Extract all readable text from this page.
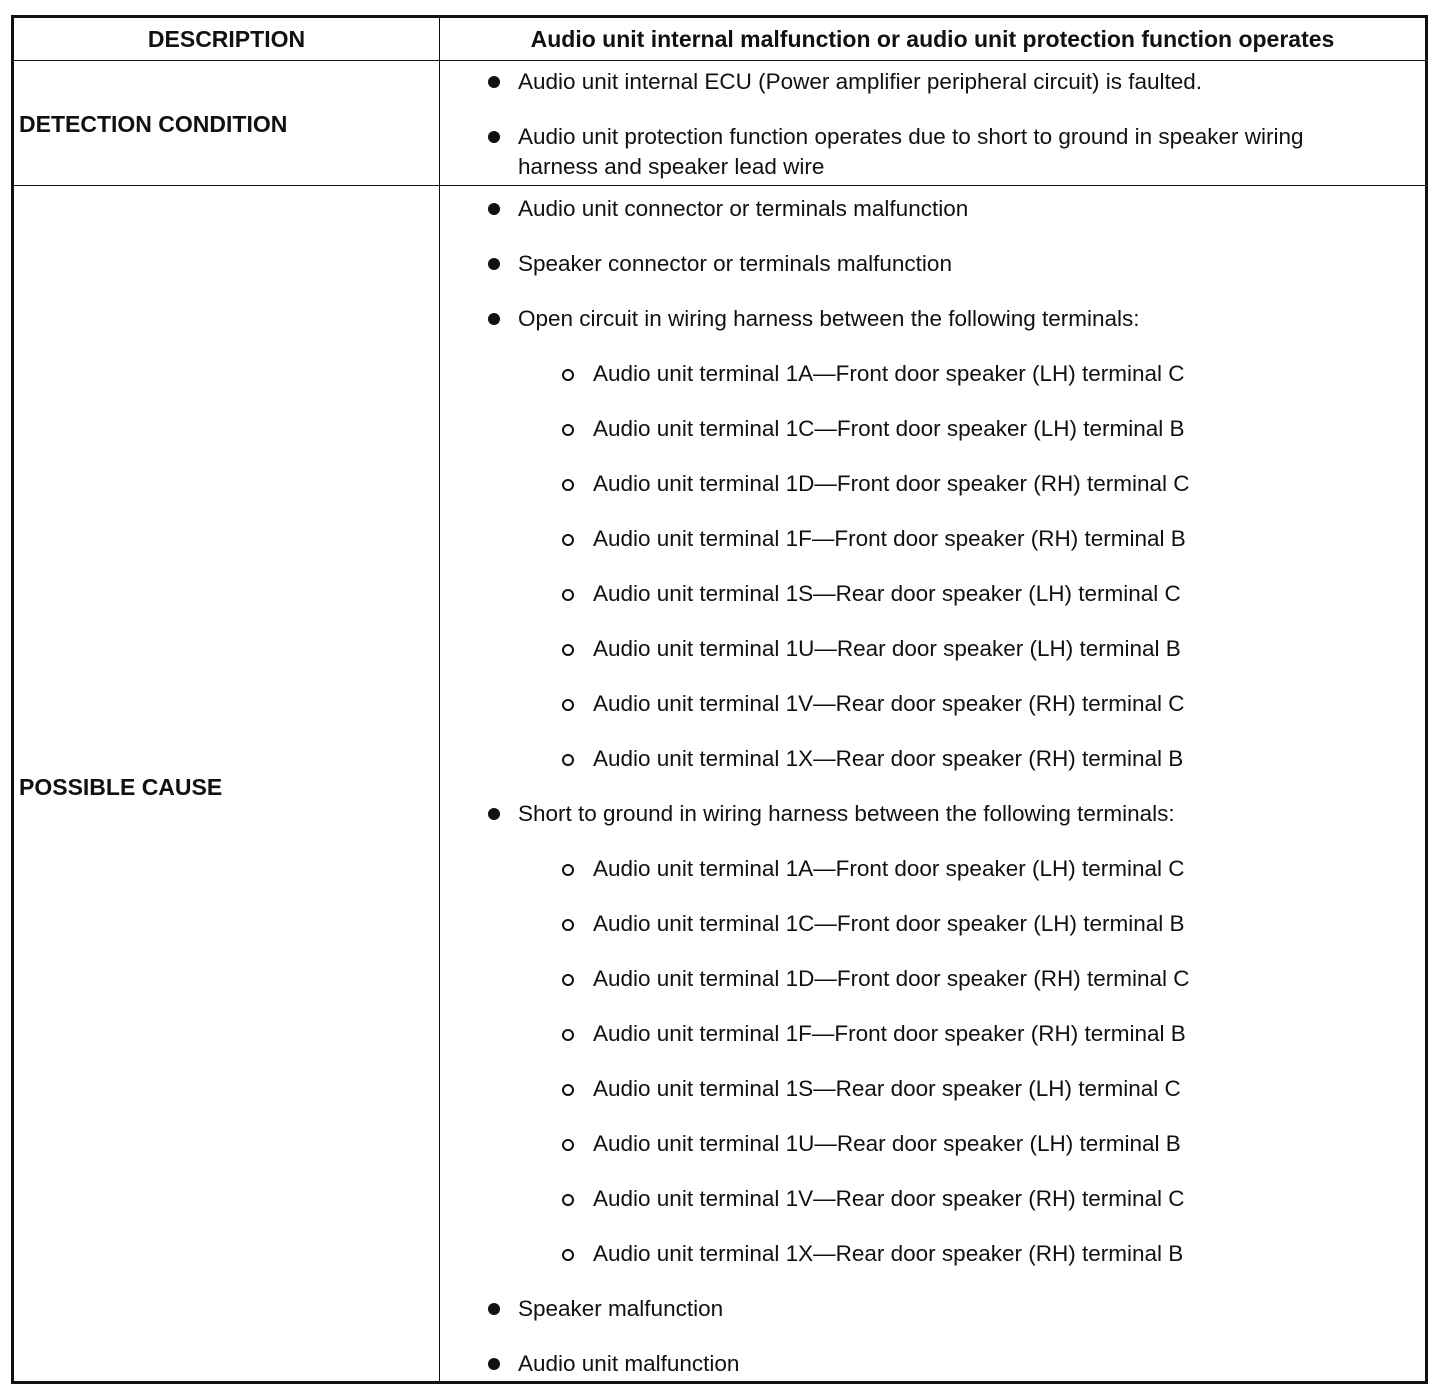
DESCRIPTION	Audio unit internal malfunction or audio unit protection function operates
DETECTION CONDITION
POSSIBLE CAUSE
Audio unit internal ECU (Power amplifier peripheral circuit) is faulted.
Audio unit protection function operates due to short to ground in speaker wiring
harness and speaker lead wire
Audio unit connector or terminals malfunction
Speaker connector or terminals malfunction
Open circuit in wiring harness between the following terminals:
Audio unit terminal 1A—Front door speaker (LH) terminal C
Audio unit terminal 1C—Front door speaker (LH) terminal B
Audio unit terminal 1D—Front door speaker (RH) terminal C
Audio unit terminal 1F—Front door speaker (RH) terminal B
Audio unit terminal 1S—Rear door speaker (LH) terminal C
Audio unit terminal 1U—Rear door speaker (LH) terminal B
Audio unit terminal 1V—Rear door speaker (RH) terminal C
Audio unit terminal 1X—Rear door speaker (RH) terminal B
Short to ground in wiring harness between the following terminals:
Audio unit terminal 1A—Front door speaker (LH) terminal C
Audio unit terminal 1C—Front door speaker (LH) terminal B
Audio unit terminal 1D—Front door speaker (RH) terminal C
Audio unit terminal 1F—Front door speaker (RH) terminal B
Audio unit terminal 1S—Rear door speaker (LH) terminal C
Audio unit terminal 1U—Rear door speaker (LH) terminal B
Audio unit terminal 1V—Rear door speaker (RH) terminal C
Audio unit terminal 1X—Rear door speaker (RH) terminal B
Speaker malfunction
Audio unit malfunction
